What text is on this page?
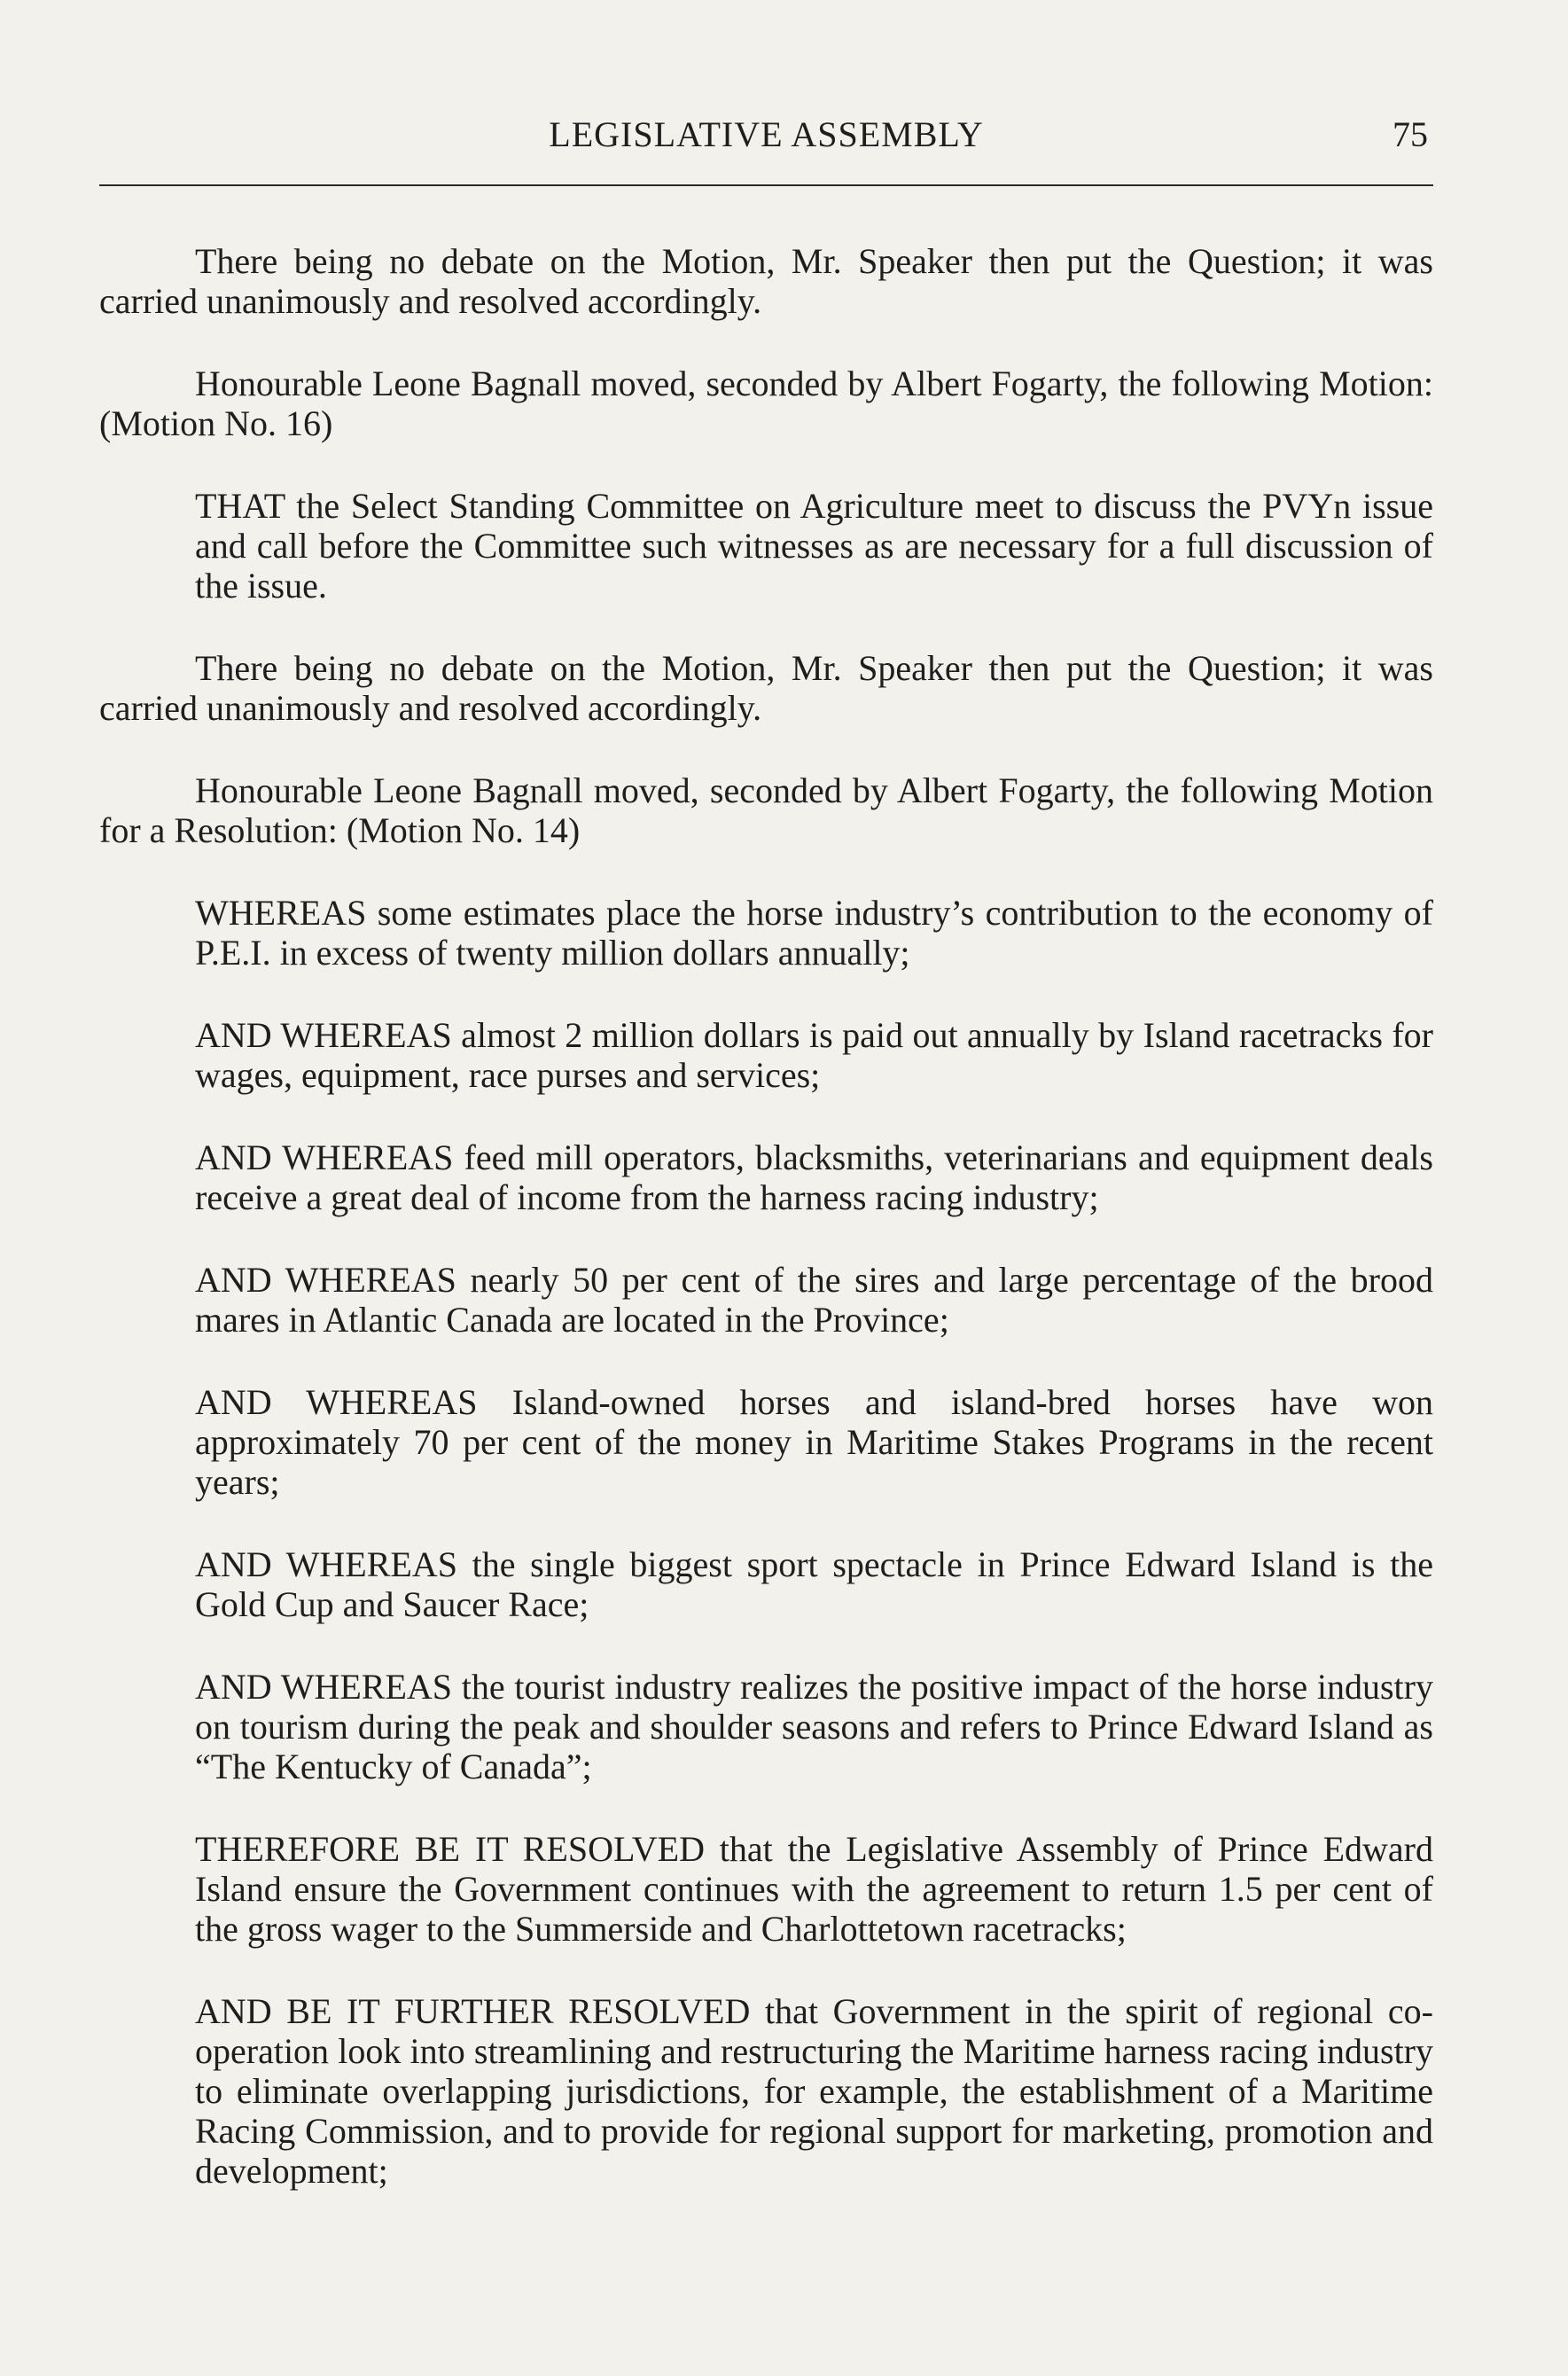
LEGISLATIVE ASSEMBLY	75

There being no debate on the Motion, Mr. Speaker then put the Question; it was carried unanimously and resolved accordingly.

Honourable Leone Bagnall moved, seconded by Albert Fogarty, the following Motion: (Motion No. 16)

THAT the Select Standing Committee on Agriculture meet to discuss the PVYn issue and call before the Committee such witnesses as are necessary for a full discussion of the issue.

There being no debate on the Motion, Mr. Speaker then put the Question; it was carried unanimously and resolved accordingly.

Honourable Leone Bagnall moved, seconded by Albert Fogarty, the following Motion for a Resolution: (Motion No. 14)

WHEREAS some estimates place the horse industry’s contribution to the economy of P.E.I. in excess of twenty million dollars annually;

AND WHEREAS almost 2 million dollars is paid out annually by Island racetracks for wages, equipment, race purses and services;

AND WHEREAS feed mill operators, blacksmiths, veterinarians and equipment deals receive a great deal of income from the harness racing industry;

AND WHEREAS nearly 50 per cent of the sires and large percentage of the brood mares in Atlantic Canada are located in the Province;

AND WHEREAS Island-owned horses and island-bred horses have won approximately 70 per cent of the money in Maritime Stakes Programs in the recent years;

AND WHEREAS the single biggest sport spectacle in Prince Edward Island is the Gold Cup and Saucer Race;

AND WHEREAS the tourist industry realizes the positive impact of the horse industry on tourism during the peak and shoulder seasons and refers to Prince Edward Island as “The Kentucky of Canada”;

THEREFORE BE IT RESOLVED that the Legislative Assembly of Prince Edward Island ensure the Government continues with the agreement to return 1.5 per cent of the gross wager to the Summerside and Charlottetown racetracks;

AND BE IT FURTHER RESOLVED that Government in the spirit of regional co-operation look into streamlining and restructuring the Maritime harness racing industry to eliminate overlapping jurisdictions, for example, the establishment of a Maritime Racing Commission, and to provide for regional support for marketing, promotion and development;
